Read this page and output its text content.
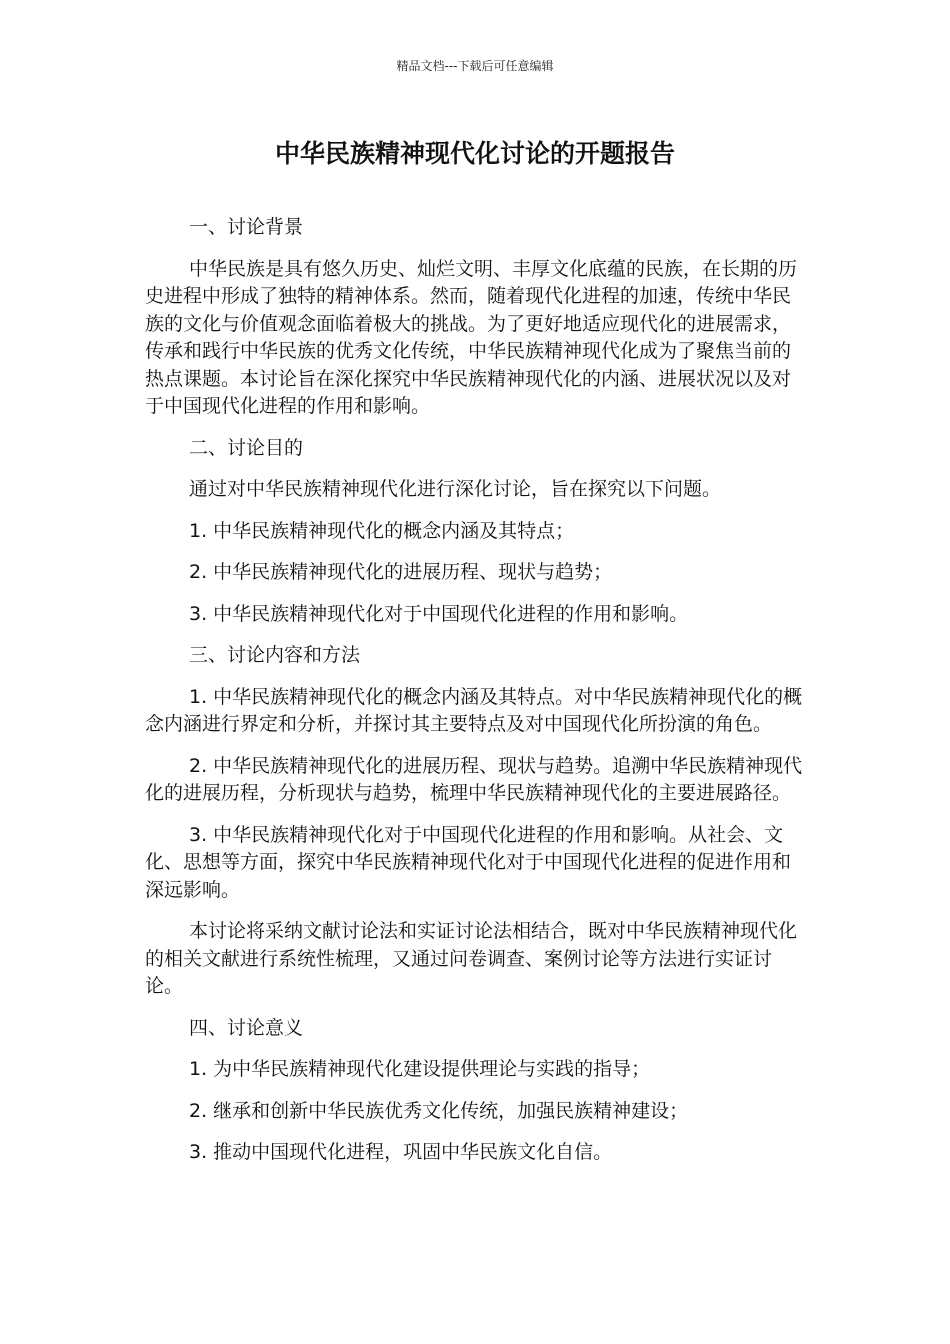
精品文档---下载后可任意编辑
中华民族精神现代化讨论的开题报告

一、讨论背景

中华民族是具有悠久历史、灿烂文明、丰厚文化底蕴的民族，在长期的历史进程中形成了独特的精神体系。然而，随着现代化进程的加速，传统中华民族的文化与价值观念面临着极大的挑战。为了更好地适应现代化的进展需求，传承和践行中华民族的优秀文化传统，中华民族精神现代化成为了聚焦当前的热点课题。本讨论旨在深化探究中华民族精神现代化的内涵、进展状况以及对于中国现代化进程的作用和影响。

二、讨论目的

通过对中华民族精神现代化进行深化讨论，旨在探究以下问题。

1. 中华民族精神现代化的概念内涵及其特点；

2. 中华民族精神现代化的进展历程、现状与趋势；

3. 中华民族精神现代化对于中国现代化进程的作用和影响。

三、讨论内容和方法

1. 中华民族精神现代化的概念内涵及其特点。对中华民族精神现代化的概念内涵进行界定和分析，并探讨其主要特点及对中国现代化所扮演的角色。

2. 中华民族精神现代化的进展历程、现状与趋势。追溯中华民族精神现代化的进展历程，分析现状与趋势，梳理中华民族精神现代化的主要进展路径。

3. 中华民族精神现代化对于中国现代化进程的作用和影响。从社会、文化、思想等方面，探究中华民族精神现代化对于中国现代化进程的促进作用和深远影响。

本讨论将采纳文献讨论法和实证讨论法相结合，既对中华民族精神现代化的相关文献进行系统性梳理，又通过问卷调查、案例讨论等方法进行实证讨论。

四、讨论意义

1. 为中华民族精神现代化建设提供理论与实践的指导；

2. 继承和创新中华民族优秀文化传统，加强民族精神建设；

3. 推动中国现代化进程，巩固中华民族文化自信。
